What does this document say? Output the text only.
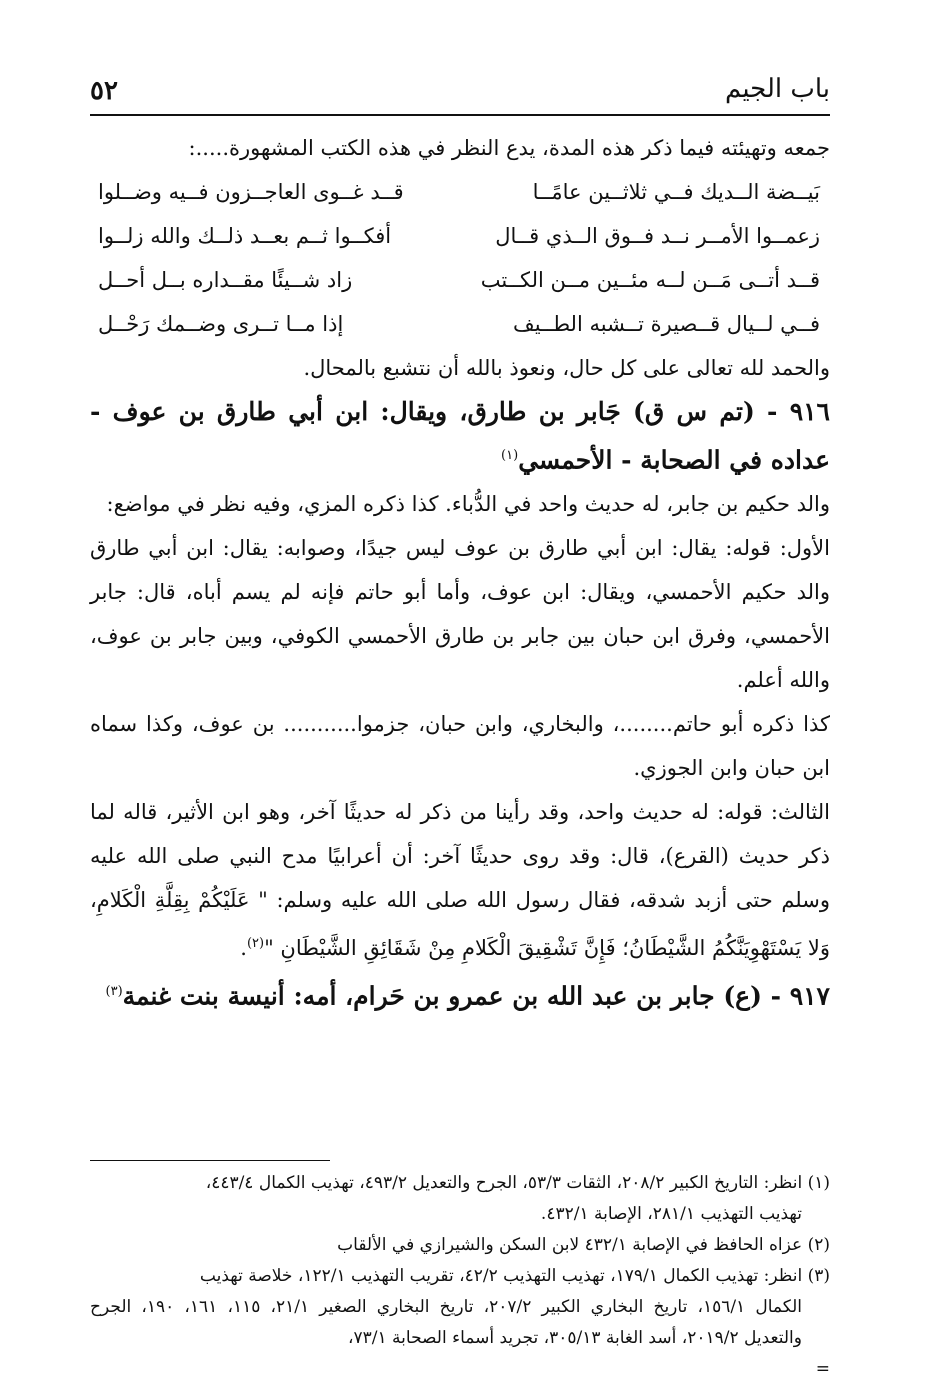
٥٢	باب الجيم

جمعه وتهيئته فيما ذكر هذه المدة، يدع النظر في هذه الكتب المشهورة.....:

بَيــضة الــديك فــي ثلاثــين عامًــا
قــد غــوى العاجــزون فــيه وضــلوا
زعمــوا الأمــر نــد فــوق الــذي قــال
أفكــوا ثــم بعــد ذلــك والله زلــوا
قــد أتــى مَــن لــه مئــين مــن الكــتب
زاد شــيئًا مقــداره بــل أحــل
فــي لــيال قــصيرة تــشبه الطــيف
إذا مــا تــرى وضــمك رَحْــل

والحمد لله تعالى على كل حال، ونعوذ بالله أن نتشبع بالمحال.

٩١٦ - (تم س ق) جَابر بن طارق، ويقال: ابن أبي طارق بن عوف - عداده في الصحابة - الأحمسي$^{(١)}$

والد حكيم بن جابر، له حديث واحد في الدُّباء. كذا ذكره المزي، وفيه نظر في مواضع:

الأول: قوله: يقال: ابن أبي طارق بن عوف ليس جيدًا، وصوابه: يقال: ابن أبي طارق والد حكيم الأحمسي، ويقال: ابن عوف، وأما أبو حاتم فإنه لم يسم أباه، قال: جابر الأحمسي، وفرق ابن حبان بين جابر بن طارق الأحمسي الكوفي، وبين جابر بن عوف، والله أعلم.

كذا ذكره أبو حاتم........، والبخاري، وابن حبان، جزموا........... بن عوف، وكذا سماه ابن حبان وابن الجوزي.

الثالث: قوله: له حديث واحد، وقد رأينا من ذكر له حديثًا آخر، وهو ابن الأثير، قاله لما ذكر حديث (القرع)، قال: وقد روى حديثًا آخر: أن أعرابيًا مدح النبي صلى الله عليه وسلم حتى أزبد شدقه، فقال رسول الله صلى الله عليه وسلم: " عَلَيْكُمْ بِقِلَّةِ الْكَلامِ، وَلا يَسْتَهْوِيَنَّكُمُ الشَّيْطَانُ؛ فَإِنَّ تَشْقِيقَ الْكَلامِ مِنْ شَقَائِقِ الشَّيْطَانِ "$^{(٢)}$.

٩١٧ - (ع) جابر بن عبد الله بن عمرو بن حَرام، أمه: أنيسة بنت غنمة$^{(٣)}$

(١) انظر: التاريخ الكبير ٢٠٨/٢، الثقات ٥٣/٣، الجرح والتعديل ٤٩٣/٢، تهذيب الكمال ٤٤٣/٤،

تهذيب التهذيب ٢٨١/١، الإصابة ٤٣٢/١.

(٢) عزاه الحافظ في الإصابة ٤٣٢/١ لابن السكن والشيرازي في الألقاب

(٣) انظر: تهذيب الكمال ١٧٩/١، تهذيب التهذيب ٤٢/٢، تقريب التهذيب ١٢٢/١، خلاصة تهذيب

الكمال ١٥٦/١، تاريخ البخاري الكبير ٢٠٧/٢، تاريخ البخاري الصغير ٢١/١، ١١٥، ١٦١، ١٩٠، الجرح والتعديل ٢٠١٩/٢، أسد الغابة ٣٠٥/١٣، تجريد أسماء الصحابة ٧٣/١،

=
